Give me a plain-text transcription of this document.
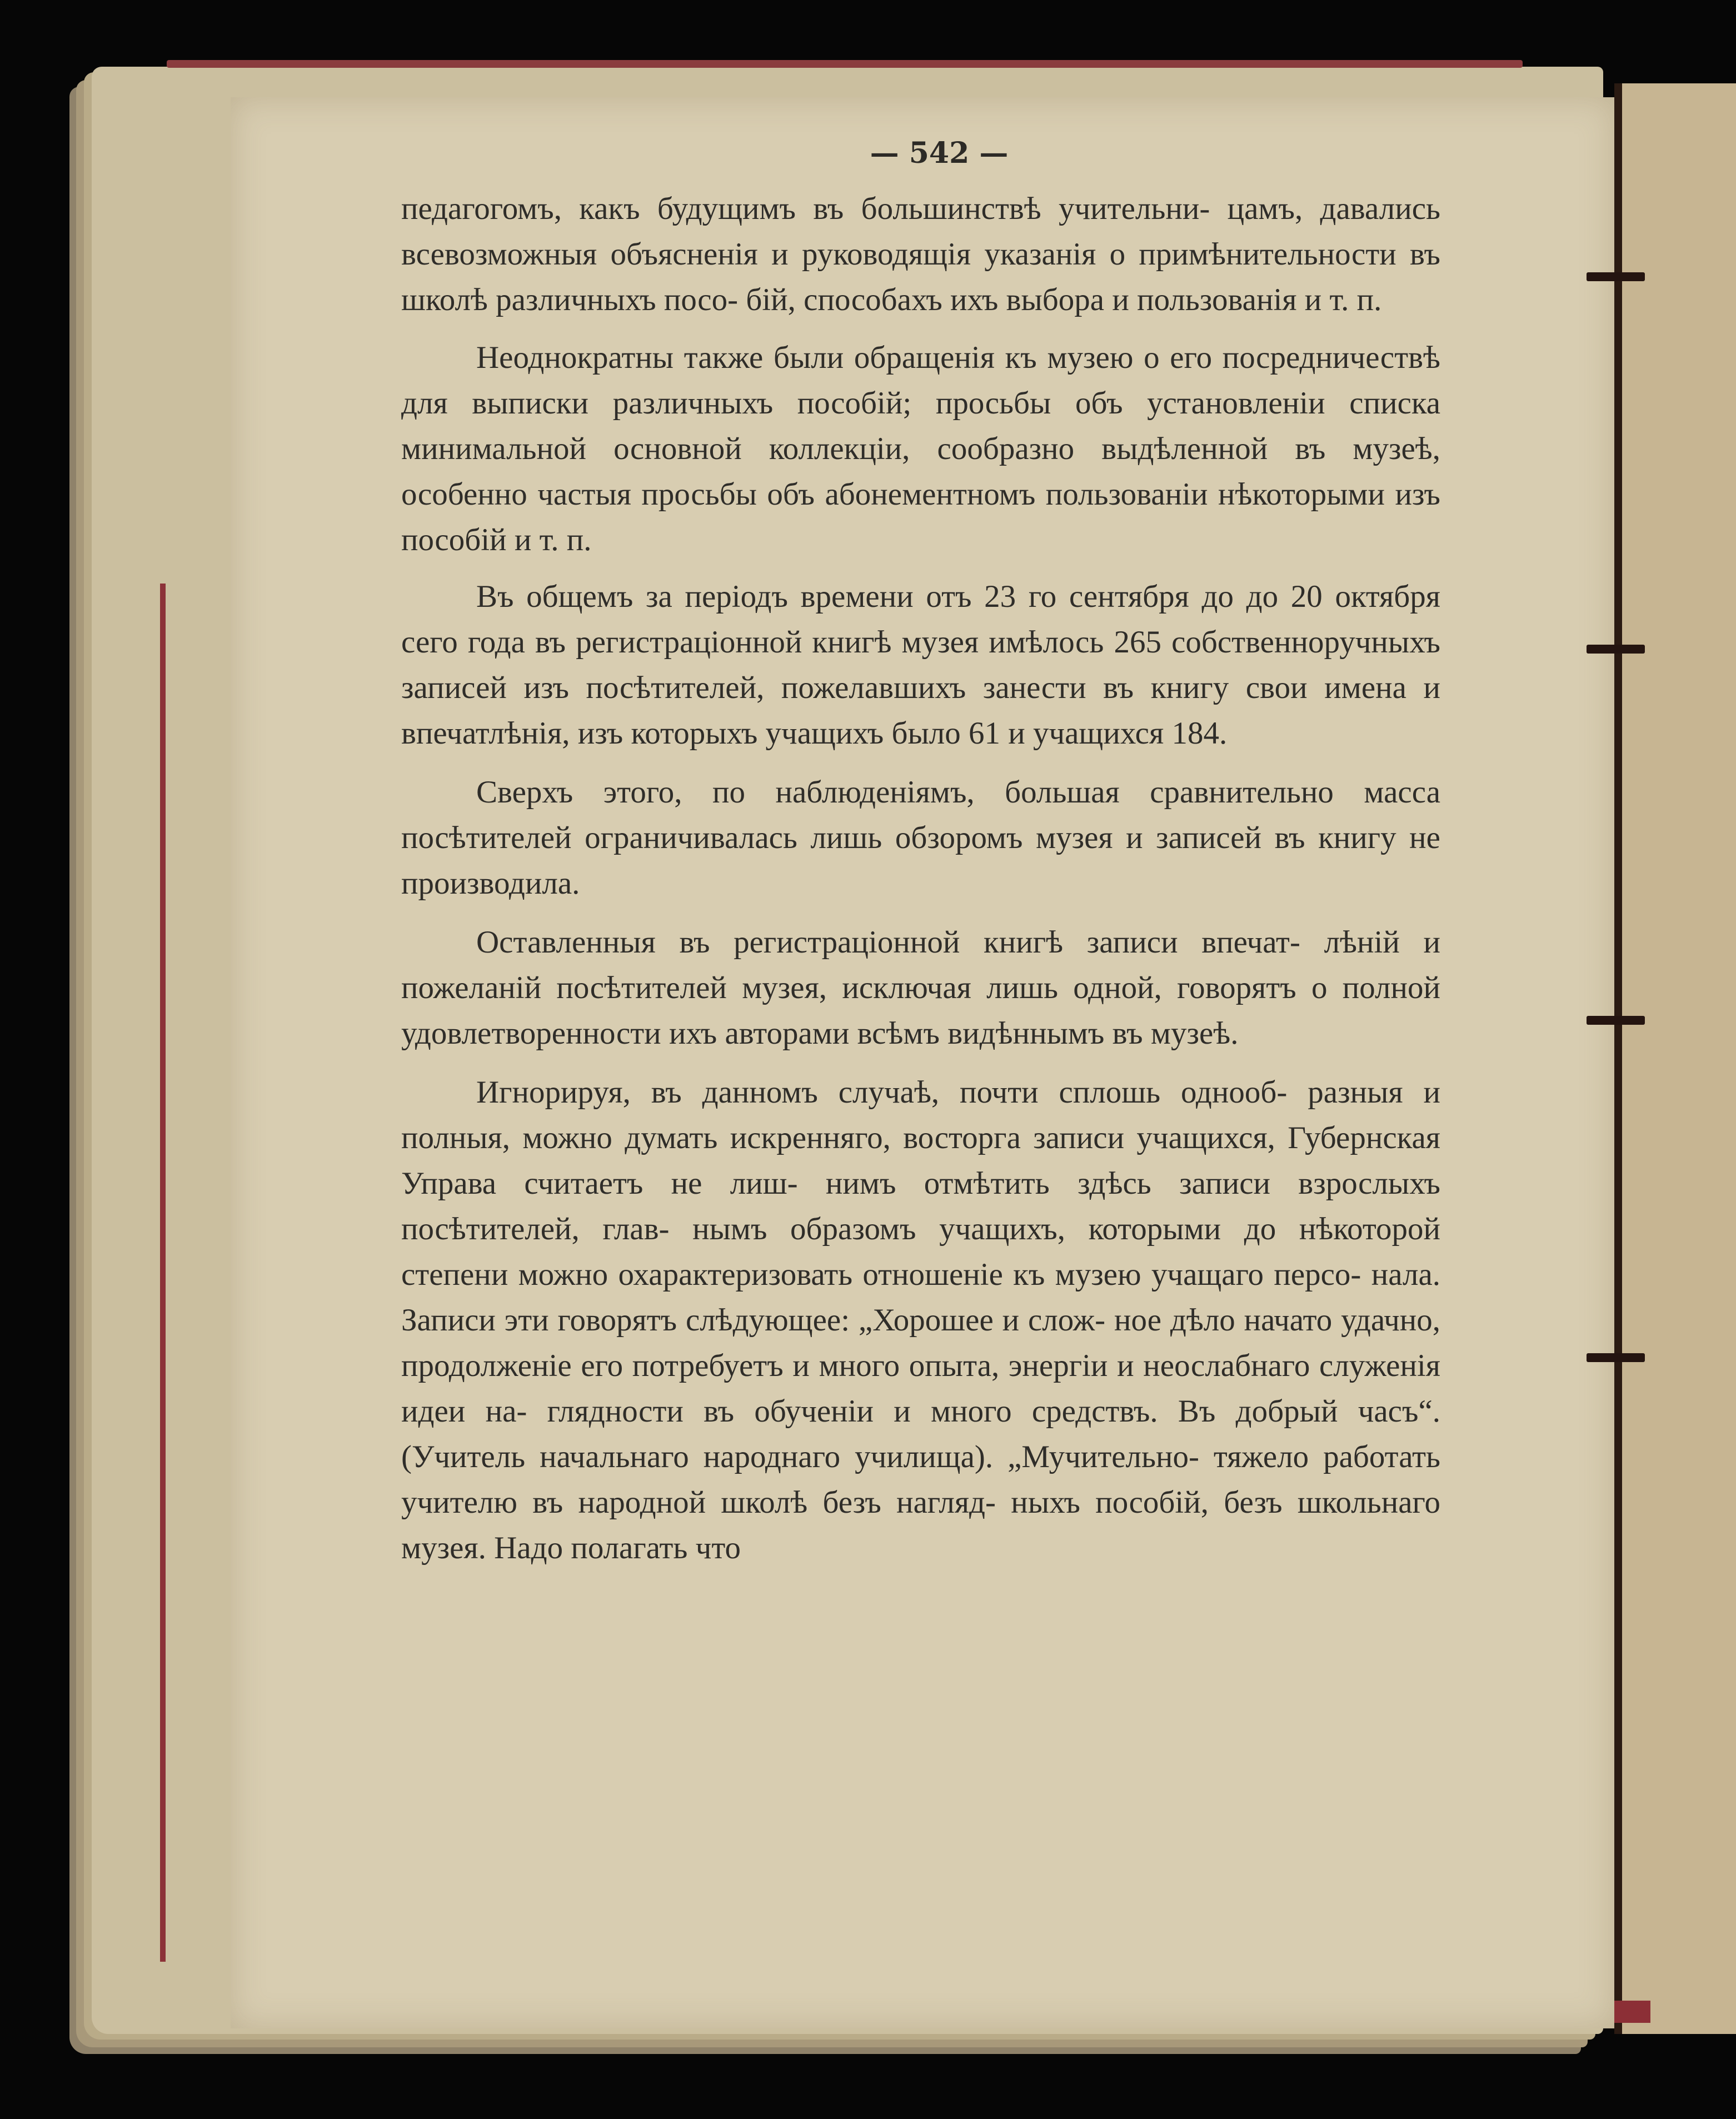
— 542 —

педагогомъ, какъ будущимъ въ большинствѣ учительни- цамъ, давались всевозможныя объясненія и руководящія указанія о примѣнительности въ школѣ различныхъ посо- бій, способахъ ихъ выбора и пользованія и т. п.

Неоднократны также были обращенія къ музею о его посредничествѣ для выписки различныхъ пособій; просьбы объ установленіи списка минимальной основной коллекціи, сообразно выдѣленной въ музеѣ, особенно частыя просьбы объ абонементномъ пользованіи нѣкоторыми изъ пособій и т. п.

Въ общемъ за періодъ времени отъ 23 го сентября до до 20 октября сего года въ регистраціонной книгѣ музея имѣлось 265 собственноручныхъ записей изъ посѣтителей, пожелавшихъ занести въ книгу свои имена и впечатлѣнія, изъ которыхъ учащихъ было 61 и учащихся 184.

Сверхъ этого, по наблюденіямъ, большая сравнительно масса посѣтителей ограничивалась лишь обзоромъ музея и записей въ книгу не производила.

Оставленныя въ регистраціонной книгѣ записи впечат- лѣній и пожеланій посѣтителей музея, исключая лишь одной, говорятъ о полной удовлетворенности ихъ авторами всѣмъ видѣннымъ въ музеѣ.

Игнорируя, въ данномъ случаѣ, почти сплошь однооб- разныя и полныя, можно думать искренняго, восторга записи учащихся, Губернская Управа считаетъ не лиш- нимъ отмѣтить здѣсь записи взрослыхъ посѣтителей, глав- нымъ образомъ учащихъ, которыми до нѣкоторой степени можно охарактеризовать отношеніе къ музею учащаго персо- нала. Записи эти говорятъ слѣдующее: „Хорошее и слож- ное дѣло начато удачно, продолженіе его потребуетъ и много опыта, энергіи и неослабнаго служенія идеи на- глядности въ обученіи и много средствъ. Въ добрый часъ“. (Учитель начальнаго народнаго училища). „Мучительно- тяжело работать учителю въ народной школѣ безъ нагляд- ныхъ пособій, безъ школьнаго музея. Надо полагать что
